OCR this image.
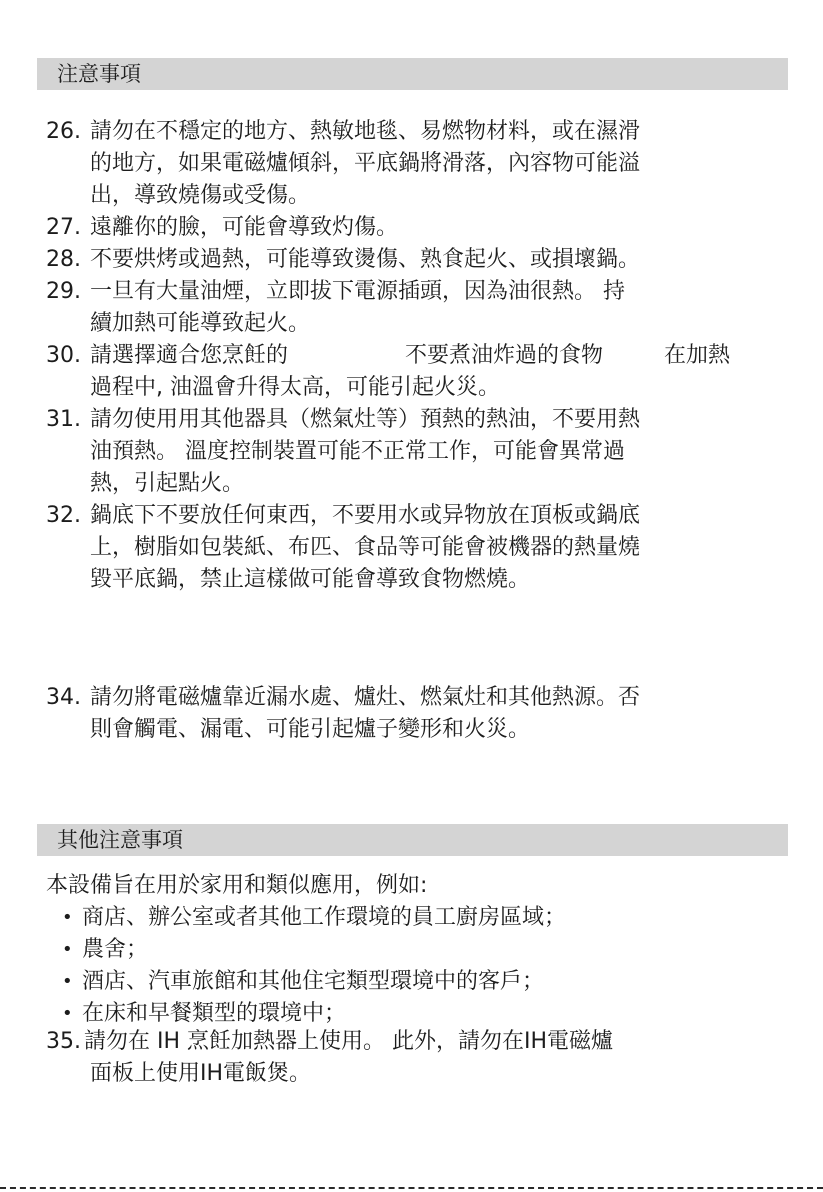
注意事項
26. 請勿在不穩定的地方、熱敏地毯、易燃物材料，或在濕滑
的地方，如果電磁爐傾斜，平底鍋將滑落，內容物可能溢
出，導致燒傷或受傷。
27. 遠離你的臉，可能會導致灼傷。
28. 不要烘烤或過熱，可能導致燙傷、熟食起火、或損壞鍋。
29. 一旦有大量油煙，立即拔下電源插頭，因為油很熱。 持
續加熱可能導致起火。
30. 請選擇適合您烹飪的	不要煮油炸過的食物	在加熱
過程中, 油溫會升得太高，可能引起火災。
31. 請勿使用用其他器具（燃氣灶等）預熱的熱油，不要用熱
油預熱。 溫度控制裝置可能不正常工作，可能會異常過
熱，引起點火。
32. 鍋底下不要放任何東西，不要用水或异物放在頂板或鍋底
上，樹脂如包裝紙、布匹、食品等可能會被機器的熱量燒
毀平底鍋，禁止這樣做可能會導致食物燃燒。
34. 請勿將電磁爐靠近漏水處、爐灶、燃氣灶和其他熱源。否
則會觸電、漏電、可能引起爐子變形和火災。
其他注意事項
本設備旨在用於家用和類似應用，例如:
• 商店、辦公室或者其他工作環境的員工廚房區域；
• 農舍；
• 酒店、汽車旅館和其他住宅類型環境中的客戶；
• 在床和早餐類型的環境中；
35. 請勿在 IH 烹飪加熱器上使用。 此外，請勿在IH電磁爐
面板上使用IH電飯煲。
